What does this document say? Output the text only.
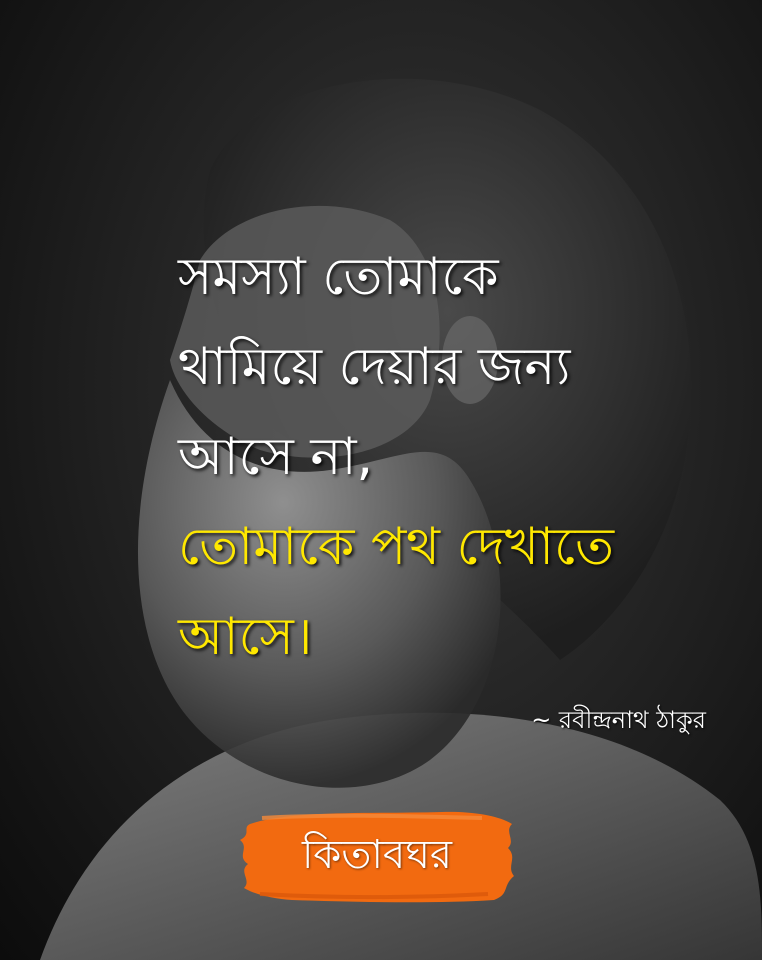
সমস্যা তোমাকে
থামিয়ে দেয়ার জন্য
আসে না,
তোমাকে পথ দেখাতে
আসে।
~ রবীন্দ্রনাথ ঠাকুর
কিতাবঘর
